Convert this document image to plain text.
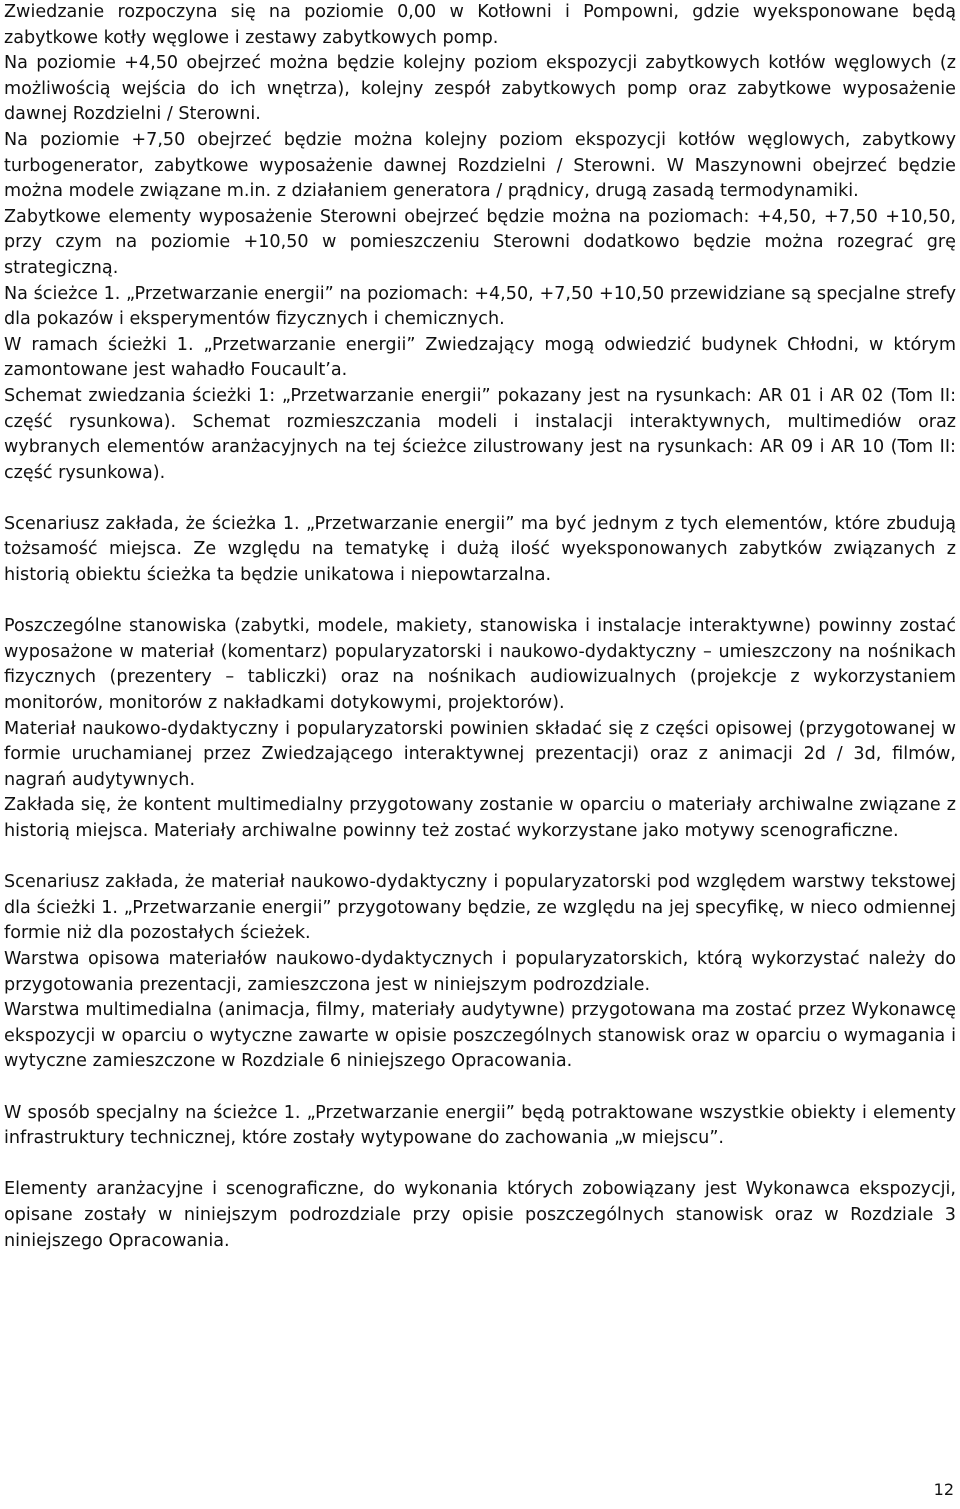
Zwiedzanie rozpoczyna się na poziomie 0,00 w Kotłowni i Pompowni, gdzie wyeksponowane będą zabytkowe kotły węglowe i zestawy zabytkowych pomp.

Na poziomie +4,50 obejrzeć można będzie kolejny poziom ekspozycji zabytkowych kotłów węglowych (z możliwością wejścia do ich wnętrza), kolejny zespół zabytkowych pomp oraz zabytkowe wyposażenie dawnej Rozdzielni / Sterowni.

Na poziomie +7,50 obejrzeć będzie można kolejny poziom ekspozycji kotłów węglowych, zabytkowy turbogenerator, zabytkowe wyposażenie dawnej Rozdzielni / Sterowni. W Maszynowni obejrzeć będzie można modele związane m.in. z działaniem generatora / prądnicy, drugą zasadą termodynamiki.

Zabytkowe elementy wyposażenie Sterowni obejrzeć będzie można na poziomach: +4,50, +7,50 +10,50, przy czym na poziomie +10,50 w pomieszczeniu Sterowni dodatkowo będzie można rozegrać grę strategiczną.

Na ścieżce 1. „Przetwarzanie energii” na poziomach: +4,50, +7,50 +10,50 przewidziane są specjalne strefy dla pokazów i eksperymentów fizycznych i chemicznych.

W ramach ścieżki 1. „Przetwarzanie energii” Zwiedzający mogą odwiedzić budynek Chłodni, w którym zamontowane jest wahadło Foucault’a.

Schemat zwiedzania ścieżki 1: „Przetwarzanie energii” pokazany jest na rysunkach: AR 01 i AR 02 (Tom II: część rysunkowa). Schemat rozmieszczania modeli i instalacji interaktywnych, multimediów oraz wybranych elementów aranżacyjnych na tej ścieżce zilustrowany jest na rysunkach: AR 09 i AR 10 (Tom II: część rysunkowa).

Scenariusz zakłada, że ścieżka 1. „Przetwarzanie energii” ma być jednym z tych elementów, które zbudują tożsamość miejsca. Ze względu na tematykę i dużą ilość wyeksponowanych zabytków związanych z historią obiektu ścieżka ta będzie unikatowa i niepowtarzalna.

Poszczególne stanowiska (zabytki, modele, makiety, stanowiska i instalacje interaktywne) powinny zostać wyposażone w materiał (komentarz) popularyzatorski i naukowo-dydaktyczny – umieszczony na nośnikach fizycznych (prezentery – tabliczki) oraz na nośnikach audiowizualnych (projekcje z wykorzystaniem monitorów, monitorów z nakładkami dotykowymi, projektorów).

Materiał naukowo-dydaktyczny i popularyzatorski powinien składać się z części opisowej (przygotowanej w formie uruchamianej przez Zwiedzającego interaktywnej prezentacji) oraz z animacji 2d / 3d, filmów, nagrań audytywnych.

Zakłada się, że kontent multimedialny przygotowany zostanie w oparciu o materiały archiwalne związane z historią miejsca. Materiały archiwalne powinny też zostać wykorzystane jako motywy scenograficzne.

Scenariusz zakłada, że materiał naukowo-dydaktyczny i popularyzatorski pod względem warstwy tekstowej dla ścieżki 1. „Przetwarzanie energii” przygotowany będzie, ze względu na jej specyfikę, w nieco odmiennej formie niż dla pozostałych ścieżek.

Warstwa opisowa materiałów naukowo-dydaktycznych i popularyzatorskich, którą wykorzystać należy do przygotowania prezentacji, zamieszczona jest w niniejszym podrozdziale.

Warstwa multimedialna (animacja, filmy, materiały audytywne) przygotowana ma zostać przez Wykonawcę ekspozycji w oparciu o wytyczne zawarte w opisie poszczególnych stanowisk oraz w oparciu o wymagania i wytyczne zamieszczone w Rozdziale 6 niniejszego Opracowania.

W sposób specjalny na ścieżce 1. „Przetwarzanie energii” będą potraktowane wszystkie obiekty i elementy infrastruktury technicznej, które zostały wytypowane do zachowania „w miejscu”.

Elementy aranżacyjne i scenograficzne, do wykonania których zobowiązany jest Wykonawca ekspozycji, opisane zostały w niniejszym podrozdziale przy opisie poszczególnych stanowisk oraz w Rozdziale 3 niniejszego Opracowania.

12
